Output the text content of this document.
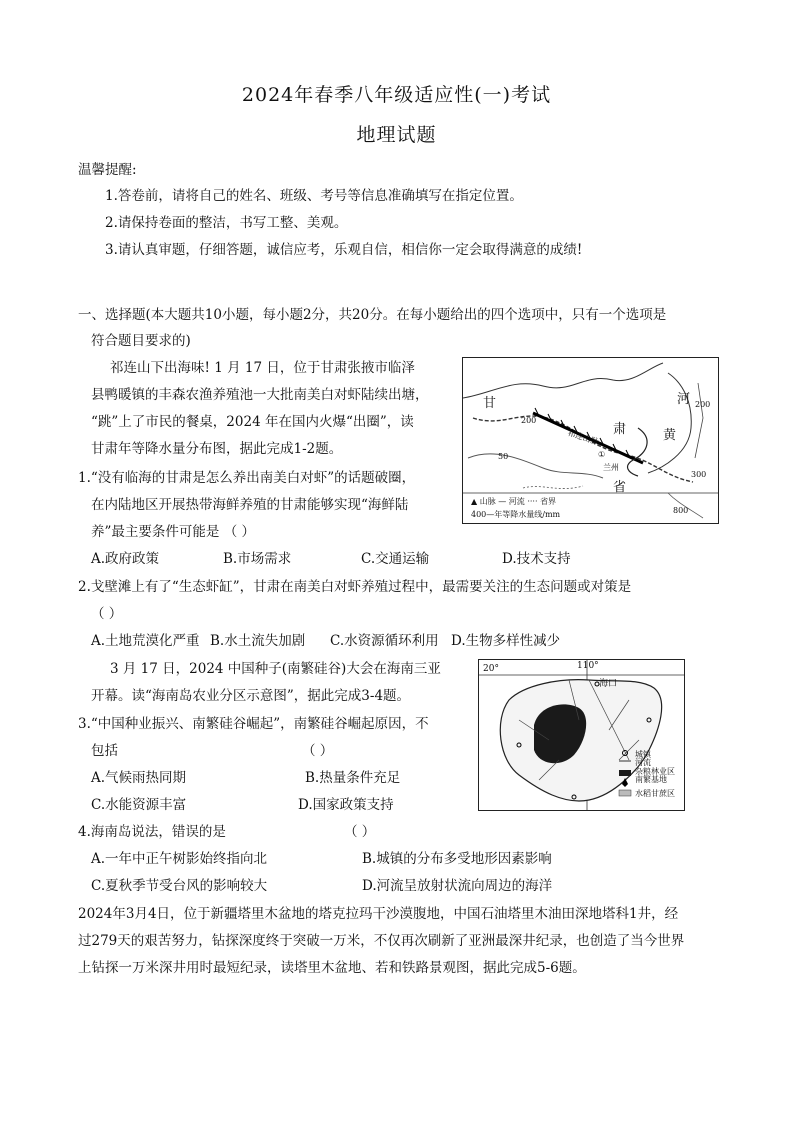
2024年春季八年级适应性(一)考试
地理试题
温馨提醒:
1.答卷前，请将自己的姓名、班级、考号等信息准确填写在指定位置。
2.请保持卷面的整洁，书写工整、美观。
3.请认真审题，仔细答题，诚信应考，乐观自信，相信你一定会取得满意的成绩!
一、选择题(本大题共10小题，每小题2分，共20分。在每小题给出的四个选项中，只有一个选项是
符合题目要求的)
祁连山下出海味! 1 月 17 日，位于甘肃张掖市临泽
县鸭暖镇的丰森农渔养殖池一大批南美白对虾陆续出塘，
“跳”上了市民的餐桌，2024 年在国内火爆“出圈”，读
甘肃年等降水量分布图，据此完成1-2题。
1.“没有临海的甘肃是怎么养出南美白对虾”的话题破圈，
在内陆地区开展热带海鲜养殖的甘肃能够实现“海鲜陆
养”最主要条件可能是 （ ）
A.政府政策	B.市场需求	C.交通运输	D.技术支持
2.戈壁滩上有了“生态虾缸”，甘肃在南美白对虾养殖过程中，最需要关注的生态问题或对策是
（ ）
A.土地荒漠化严重 B.水土流失加剧 C.水资源循环利用 D.生物多样性减少
3 月 17 日，2024 中国种子(南繁硅谷)大会在海南三亚
开幕。读“海南岛农业分区示意图”，据此完成3-4题。
3.“中国种业振兴、南繁硅谷崛起”，南繁硅谷崛起原因，不
包括	（ ）
A.气候雨热同期	B.热量条件充足
C.水能资源丰富	D.国家政策支持
4.海南岛说法，错误的是	（ ）
A.一年中正午树影始终指向北	B.城镇的分布多受地形因素影响
C.夏秋季节受台风的影响较大	D.河流呈放射状流向周边的海洋
2024年3月4日，位于新疆塔里木盆地的塔克拉玛干沙漠腹地，中国石油塔里木油田深地塔科1井，经
过279天的艰苦努力，钻探深度终于突破一万米，不仅再次刷新了亚洲最深井纪录，也创造了当今世界
上钻探一万米深井用时最短纪录，读塔里木盆地、若和铁路景观图，据此完成5-6题。
甘
肃
河
黄
省
兰州
祁连山脉
①
50
200
200
300
800
▲ 山脉 — 河流 ···· 省界
400—年等降水量线/mm
20°	110°
海口
城镇
河流
南繁基地
杂粮林业区
水稻甘蔗区
